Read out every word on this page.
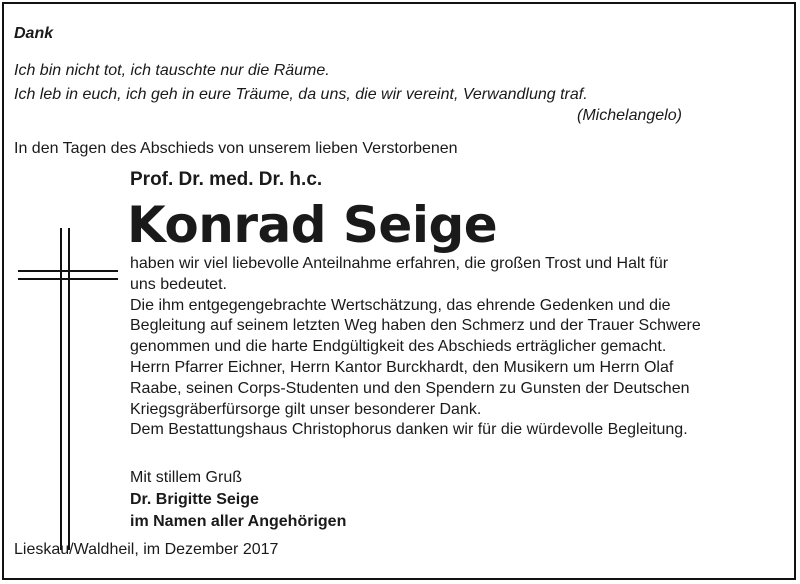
Dank
Ich bin nicht tot, ich tauschte nur die Räume.
Ich leb in euch, ich geh in eure Träume, da uns, die wir vereint, Verwandlung traf.
(Michelangelo)
In den Tagen des Abschieds von unserem lieben Verstorbenen
Prof. Dr. med. Dr. h.c.
Konrad Seige

haben wir viel liebevolle Anteilnahme erfahren, die großen Trost und Halt für

uns bedeutet.

Die ihm entgegengebrachte Wertschätzung, das ehrende Gedenken und die

Begleitung auf seinem letzten Weg haben den Schmerz und der Trauer Schwere

genommen und die harte Endgültigkeit des Abschieds erträglicher gemacht.

Herrn Pfarrer Eichner, Herrn Kantor Burckhardt, den Musikern um Herrn Olaf

Raabe, seinen Corps-Studenten und den Spendern zu Gunsten der Deutschen

Kriegsgräberfürsorge gilt unser besonderer Dank.

Dem Bestattungshaus Christophorus danken wir für die würdevolle Begleitung.

Mit stillem Gruß
Dr. Brigitte Seige
im Namen aller Angehörigen
Lieskau/Waldheil, im Dezember 2017
